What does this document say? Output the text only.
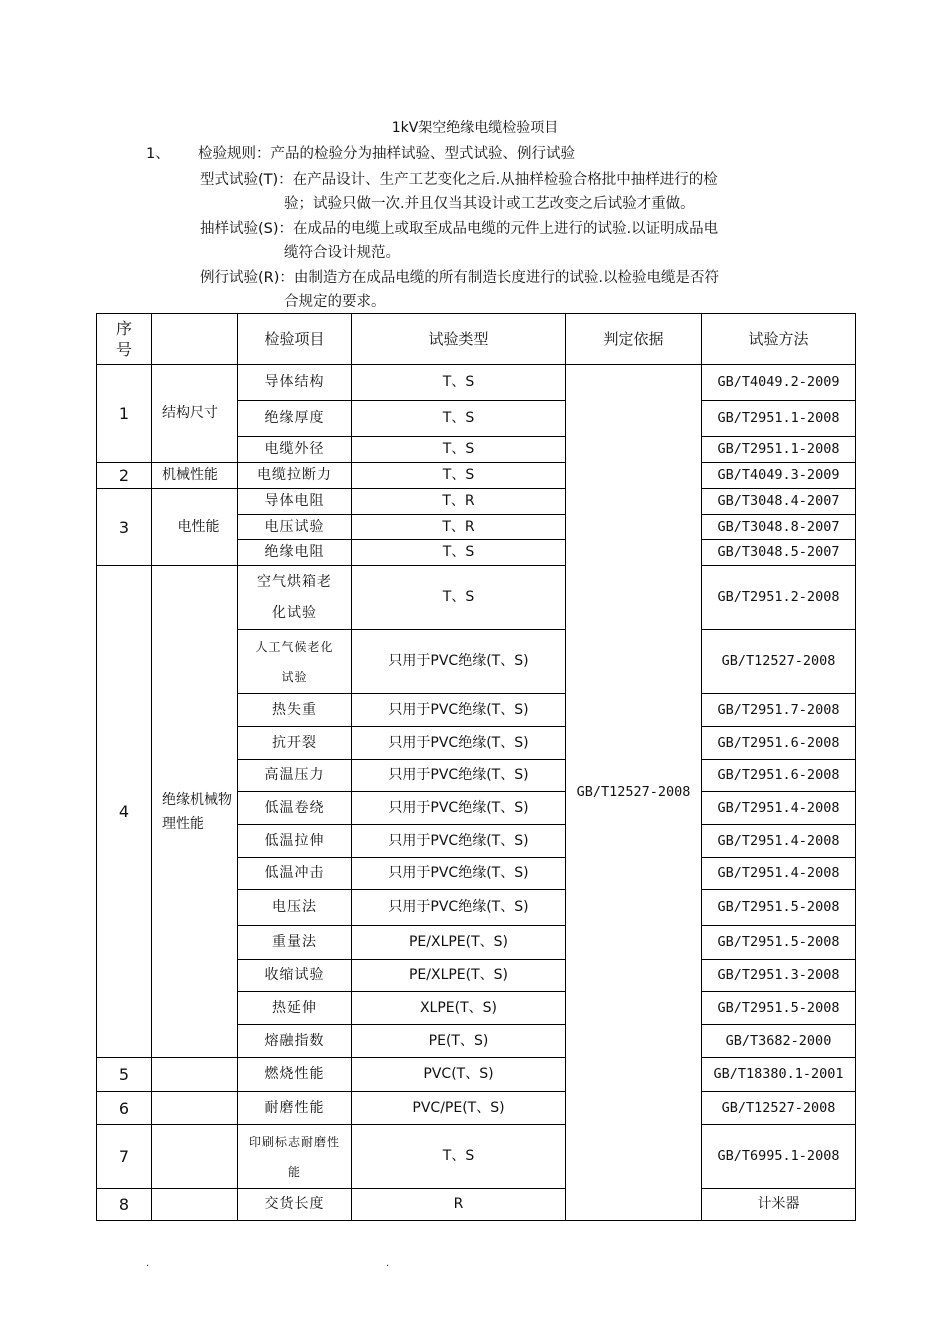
1kV架空绝缘电缆检验项目
1、 检验规则：产品的检验分为抽样试验、型式试验、例行试验
型式试验(T)：在产品设计、生产工艺变化之后.从抽样检验合格批中抽样进行的检
验；试验只做一次.并且仅当其设计或工艺改变之后试验才重做。
抽样试验(S)：在成品的电缆上或取至成品电缆的元件上进行的试验.以证明成品电
缆符合设计规范。
例行试验(R)：由制造方在成品电缆的所有制造长度进行的试验.以检验电缆是否符
合规定的要求。
序号		检验项目	试验类型	判定依据	试验方法
1	结构尺寸	导体结构	T、S	GB/T12527-2008	GB/T4049.2-2009
		绝缘厚度	T、S		GB/T2951.1-2008
		电缆外径	T、S		GB/T2951.1-2008
2	机械性能	电缆拉断力	T、S		GB/T4049.3-2009
3	电性能	导体电阻	T、R		GB/T3048.4-2007
		电压试验	T、R		GB/T3048.8-2007
		绝缘电阻	T、S		GB/T3048.5-2007
4	绝缘机械物理性能	空气烘箱老化试验	T、S		GB/T2951.2-2008
		人工气候老化试验	只用于PVC绝缘(T、S)		GB/T12527-2008
		热失重	只用于PVC绝缘(T、S)		GB/T2951.7-2008
		抗开裂	只用于PVC绝缘(T、S)		GB/T2951.6-2008
		高温压力	只用于PVC绝缘(T、S)		GB/T2951.6-2008
		低温卷绕	只用于PVC绝缘(T、S)		GB/T2951.4-2008
		低温拉伸	只用于PVC绝缘(T、S)		GB/T2951.4-2008
		低温冲击	只用于PVC绝缘(T、S)		GB/T2951.4-2008
		电压法	只用于PVC绝缘(T、S)		GB/T2951.5-2008
		重量法	PE/XLPE(T、S)		GB/T2951.5-2008
		收缩试验	PE/XLPE(T、S)		GB/T2951.3-2008
		热延伸	XLPE(T、S)		GB/T2951.5-2008
		熔融指数	PE(T、S)		GB/T3682-2000
5		燃烧性能	PVC(T、S)		GB/T18380.1-2001
6		耐磨性能	PVC/PE(T、S)		GB/T12527-2008
7		印刷标志耐磨性能	T、S		GB/T6995.1-2008
8		交货长度	R		计米器
.	.
